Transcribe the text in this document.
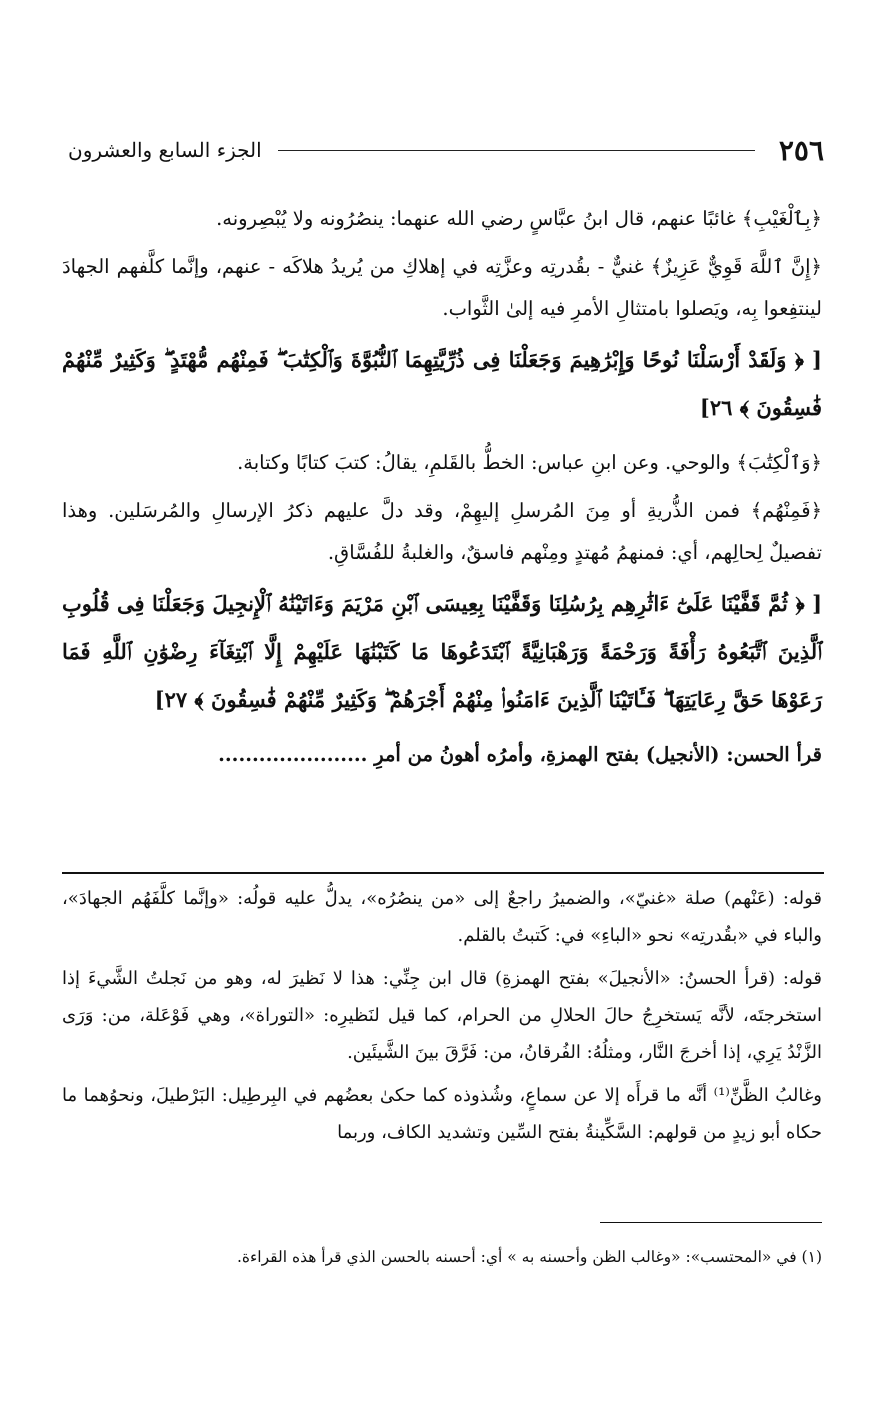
٢٥٦
الجزء السابع والعشرون

﴿بِٱلْغَيْبِ﴾ غائبًا عنهم، قال ابنُ عبَّاسٍ رضي الله عنهما: ينصُرُونه ولا يُبْصِرونه.

﴿إِنَّ ٱللَّهَ قَوِيٌّ عَزِيزٌ﴾ غنيٌّ - بقُدرتِه وعزَّتِه في إهلاكِ من يُريدُ هلاكَه - عنهم، وإنَّما كلَّفهم الجهادَ لينتفِعوا بِه، ويَصلوا بامتثالِ الأمرِ فيه إلىٰ الثَّواب.

[ ﴿ وَلَقَدْ أَرْسَلْنَا نُوحًا وَإِبْرَٰهِيمَ وَجَعَلْنَا فِى ذُرِّيَّتِهِمَا ٱلنُّبُوَّةَ وَٱلْكِتَٰبَ ۖ فَمِنْهُم مُّهْتَدٍ ۖ وَكَثِيرٌ مِّنْهُمْ فَٰسِقُونَ ﴾ ٢٦]

﴿وَٱلْكِتَٰبَ﴾ والوحي. وعن ابنِ عباس: الخطُّ بالقَلمِ، يقالُ: كتبَ كتابًا وكتابة.

﴿فَمِنْهُم﴾ فمن الذُّريةِ أو مِنَ المُرسلِ إليهِمْ، وقد دلَّ عليهم ذكرُ الإرسالِ والمُرسَلين. وهذا تفصيلٌ لِحالِهم، أي: فمنهمُ مُهتدٍ ومِنْهم فاسقٌ، والغلبةُ للفُسَّاقِ.

[ ﴿ ثُمَّ قَفَّيْنَا عَلَىٰٓ ءَاثَٰرِهِم بِرُسُلِنَا وَقَفَّيْنَا بِعِيسَى ٱبْنِ مَرْيَمَ وَءَاتَيْنَٰهُ ٱلْإِنجِيلَ وَجَعَلْنَا فِى قُلُوبِ ٱلَّذِينَ ٱتَّبَعُوهُ رَأْفَةً وَرَحْمَةً وَرَهْبَانِيَّةً ٱبْتَدَعُوهَا مَا كَتَبْنَٰهَا عَلَيْهِمْ إِلَّا ٱبْتِغَآءَ رِضْوَٰنِ ٱللَّهِ فَمَا رَعَوْهَا حَقَّ رِعَايَتِهَا ۖ فَـَٔاتَيْنَا ٱلَّذِينَ ءَامَنُوا۟ مِنْهُمْ أَجْرَهُمْ ۖ وَكَثِيرٌ مِّنْهُمْ فَٰسِقُونَ ﴾ ٢٧]

قرأ الحسن: (الأنجيل) بفتح الهمزةِ، وأمرُه أهونُ من أمرِ ......................

قوله: (عَنْهم) صلة «غنيّ»، والضميرُ راجعٌ إلى «من ينصُرُه»، يدلُّ عليه قولُه: «وإنَّما كلَّفَهُم الجهادَ»، والباء في «بقُدرتِه» نحو «الباءِ» في: كَتبتُ بالقلم.

قوله: (قرأ الحسنُ: «الأنجيلَ» بفتح الهمزةِ) قال ابن جِنِّي: هذا لا نَظيرَ له، وهو من نَجلتُ الشَّيءَ إذا استخرجتَه، لأنَّه يَستخرِجُ حالَ الحلالِ من الحرام، كما قيل لنَظيرِه: «التوراة»، وهي فَوْعَلة، من: وَرَى الزَّنْدُ يَرِي، إذا أخرجَ النَّار، ومثلُهُ: الفُرقانُ، من: فَرَّقَ بينَ الشَّيئَين.

وغالبُ الظَّنِّ⁽¹⁾ أنَّه ما قرأَه إلا عن سماعٍ، وشُذوذه كما حكىٰ بعضُهم في البِرطِيل: البَرْطيلَ، ونحوُهما ما حكاه أبو زيدٍ من قولهم: السَّكِّينةُ بفتح السِّين وتشديد الكاف، وربما

(١) في «المحتسب»: «وغالب الظن وأحسنه به » أي: أحسنه بالحسن الذي قرأ هذه القراءة.
